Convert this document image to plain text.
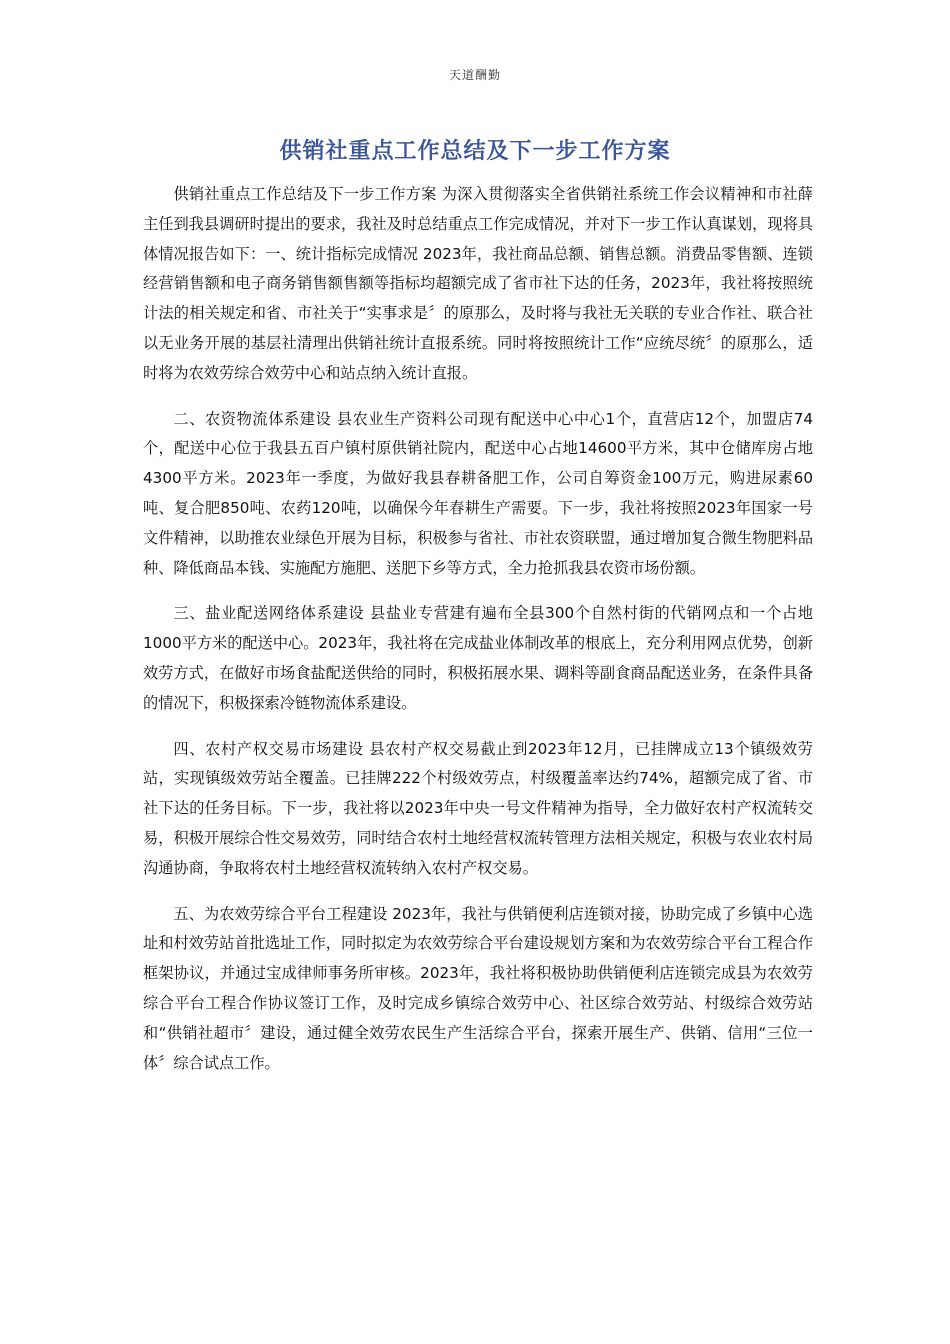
天道酬勤
供销社重点工作总结及下一步工作方案

供销社重点工作总结及下一步工作方案 为深入贯彻落实全省供销社系统工作会议精神和市社薛主任到我县调研时提出的要求，我社及时总结重点工作完成情况，并对下一步工作认真谋划，现将具体情况报告如下：一、统计指标完成情况 2023年，我社商品总额、销售总额。消费品零售额、连锁经营销售额和电子商务销售额售额等指标均超额完成了省市社下达的任务，2023年，我社将按照统计法的相关规定和省、市社关于“实事求是〞的原那么，及时将与我社无关联的专业合作社、联合社以无业务开展的基层社清理出供销社统计直报系统。同时将按照统计工作“应统尽统〞的原那么，适时将为农效劳综合效劳中心和站点纳入统计直报。

二、农资物流体系建设 县农业生产资料公司现有配送中心中心1个，直营店12个，加盟店74个，配送中心位于我县五百户镇村原供销社院内，配送中心占地14600平方米，其中仓储库房占地4300平方米。2023年一季度，为做好我县春耕备肥工作，公司自筹资金100万元，购进尿素60吨、复合肥850吨、农药120吨，以确保今年春耕生产需要。下一步，我社将按照2023年国家一号文件精神，以助推农业绿色开展为目标，积极参与省社、市社农资联盟，通过增加复合微生物肥料品种、降低商品本钱、实施配方施肥、送肥下乡等方式，全力抢抓我县农资市场份额。

三、盐业配送网络体系建设 县盐业专营建有遍布全县300个自然村街的代销网点和一个占地1000平方米的配送中心。2023年，我社将在完成盐业体制改革的根底上，充分利用网点优势，创新效劳方式，在做好市场食盐配送供给的同时，积极拓展水果、调料等副食商品配送业务，在条件具备的情况下，积极探索冷链物流体系建设。

四、农村产权交易市场建设 县农村产权交易截止到2023年12月，已挂牌成立13个镇级效劳站，实现镇级效劳站全覆盖。已挂牌222个村级效劳点，村级覆盖率达约74%，超额完成了省、市社下达的任务目标。下一步，我社将以2023年中央一号文件精神为指导，全力做好农村产权流转交易，积极开展综合性交易效劳，同时结合农村土地经营权流转管理方法相关规定，积极与农业农村局沟通协商，争取将农村土地经营权流转纳入农村产权交易。

五、为农效劳综合平台工程建设 2023年，我社与供销便利店连锁对接，协助完成了乡镇中心选址和村效劳站首批选址工作，同时拟定为农效劳综合平台建设规划方案和为农效劳综合平台工程合作框架协议，并通过宝成律师事务所审核。2023年，我社将积极协助供销便利店连锁完成县为农效劳综合平台工程合作协议签订工作，及时完成乡镇综合效劳中心、社区综合效劳站、村级综合效劳站和“供销社超市〞建设，通过健全效劳农民生产生活综合平台，探索开展生产、供销、信用“三位一体〞综合试点工作。
